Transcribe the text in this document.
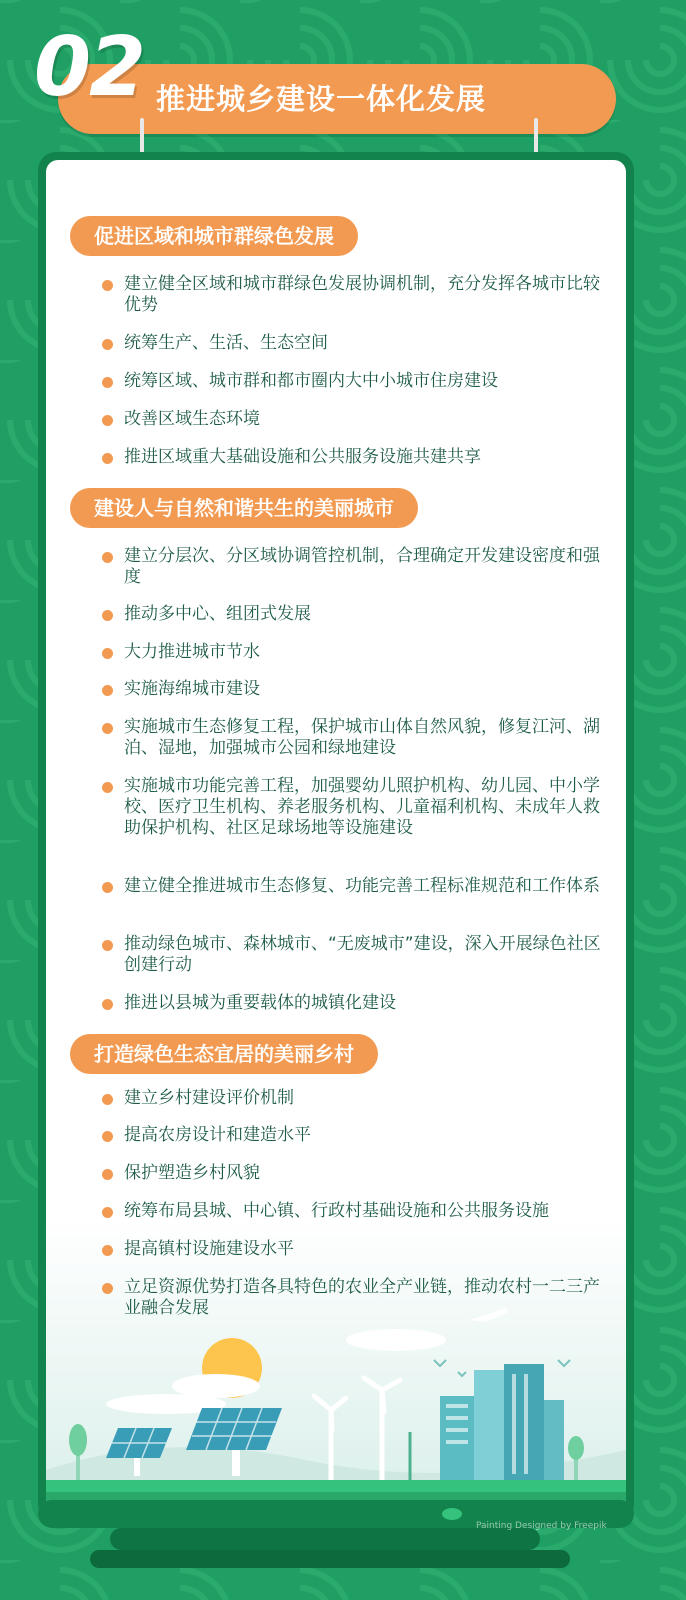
02 推进城乡建设一体化发展
促进区域和城市群绿色发展
建立健全区域和城市群绿色发展协调机制，充分发挥各城市比较优势
统筹生产、生活、生态空间
统筹区域、城市群和都市圈内大中小城市住房建设
改善区域生态环境
推进区域重大基础设施和公共服务设施共建共享
建设人与自然和谐共生的美丽城市
建立分层次、分区域协调管控机制，合理确定开发建设密度和强度
推动多中心、组团式发展
大力推进城市节水
实施海绵城市建设
实施城市生态修复工程，保护城市山体自然风貌，修复江河、湖泊、湿地，加强城市公园和绿地建设
实施城市功能完善工程，加强婴幼儿照护机构、幼儿园、中小学校、医疗卫生机构、养老服务机构、儿童福利机构、未成年人救助保护机构、社区足球场地等设施建设
建立健全推进城市生态修复、功能完善工程标准规范和工作体系
推动绿色城市、森林城市、“无废城市”建设，深入开展绿色社区创建行动
推进以县城为重要载体的城镇化建设
打造绿色生态宜居的美丽乡村
建立乡村建设评价机制
提高农房设计和建造水平
保护塑造乡村风貌
统筹布局县城、中心镇、行政村基础设施和公共服务设施
提高镇村设施建设水平
立足资源优势打造各具特色的农业全产业链，推动农村一二三产业融合发展
Painting Designed by Freepik
